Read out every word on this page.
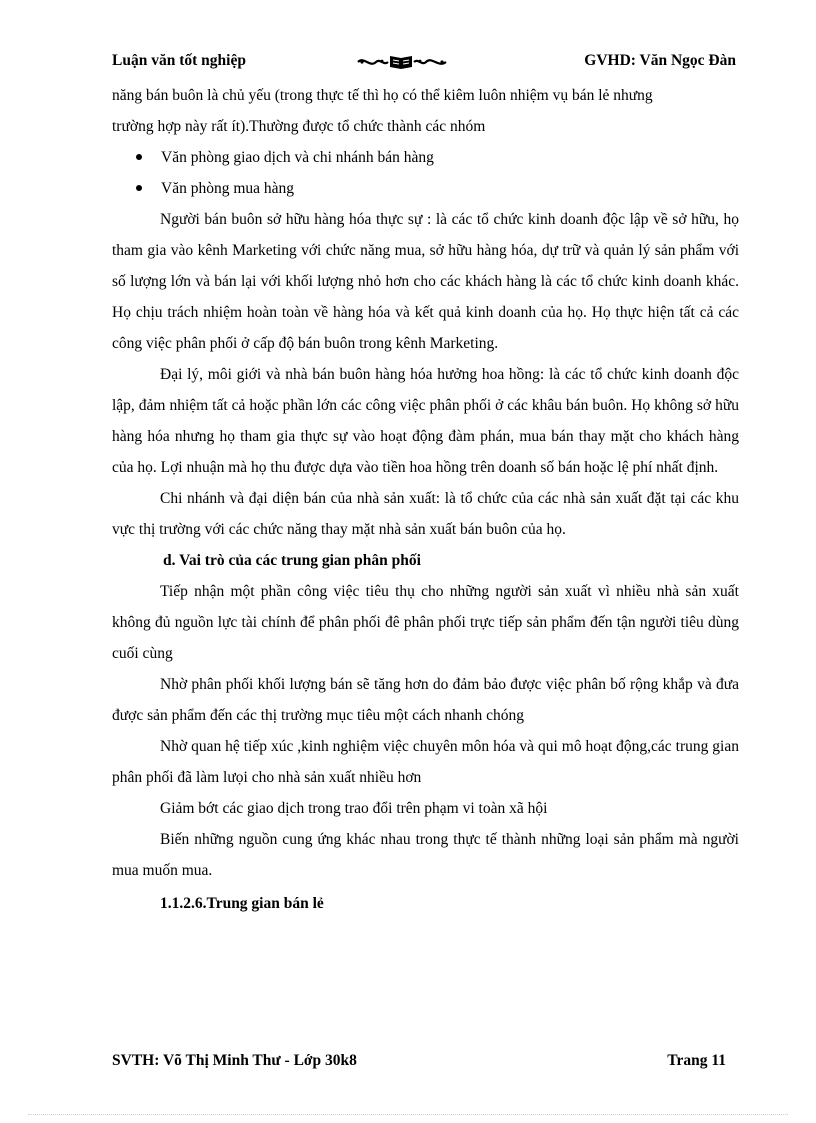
Luận văn tốt nghiệp	GVHD: Văn Ngọc Đàn

năng bán buôn là chủ yếu (trong thực tế thì họ có thể kiêm luôn nhiệm vụ bán lẻ nhưng

trường hợp này rất ít).Thường được tổ chức thành các nhóm

Văn phòng giao dịch và chi nhánh bán hàng

Văn phòng mua hàng

Người bán buôn sở hữu hàng hóa thực sự : là các tổ chức kinh doanh độc lập về sở hữu, họ tham gia vào kênh Marketing với chức năng mua, sở hữu hàng hóa, dự trữ và quản lý sản phẩm với số lượng lớn và bán lại với khối lượng nhỏ hơn cho các khách hàng là các tổ chức kinh doanh khác. Họ chịu trách nhiệm hoàn toàn về hàng hóa và kết quả kinh doanh của họ. Họ thực hiện tất cả các công việc phân phối ở cấp độ bán buôn trong kênh Marketing.

Đại lý, môi giới và nhà bán buôn hàng hóa hưởng hoa hồng: là các tổ chức kinh doanh độc lập, đảm nhiệm tất cả hoặc phần lớn các công việc phân phối ở các khâu bán buôn. Họ không sở hữu hàng hóa nhưng họ tham gia thực sự vào hoạt động đàm phán, mua bán thay mặt cho khách hàng của họ. Lợi nhuận mà họ thu được dựa vào tiền hoa hồng trên doanh số bán hoặc lệ phí nhất định.

Chi nhánh và đại diện bán của nhà sản xuất: là tổ chức của các nhà sản xuất đặt tại các khu vực thị trường với các chức năng thay mặt nhà sản xuất bán buôn của họ.

d. Vai trò của các trung gian phân phối

Tiếp nhận một phần công việc tiêu thụ cho những người sản xuất vì nhiều nhà sản xuất không đủ nguồn lực tài chính để phân phối đê phân phối trực tiếp sản phẩm đến tận người tiêu dùng cuối cùng

Nhờ phân phối khối lượng bán sẽ tăng hơn do đảm bảo được việc phân bố rộng khắp và đưa được sản phẩm đến các thị trường mục tiêu một cách nhanh chóng

Nhờ quan hệ tiếp xúc ,kinh nghiệm việc chuyên môn hóa và qui mô hoạt động,các trung gian phân phối đã làm lưọi cho nhà sản xuất nhiều hơn

Giảm bớt các giao dịch trong trao đổi trên phạm vi toàn xã hội

Biến những nguồn cung ứng khác nhau trong thực tế thành những loại sản phẩm mà người mua muốn mua.

1.1.2.6.Trung gian bán lẻ

SVTH: Võ Thị Minh Thư - Lớp 30k8	Trang 11
